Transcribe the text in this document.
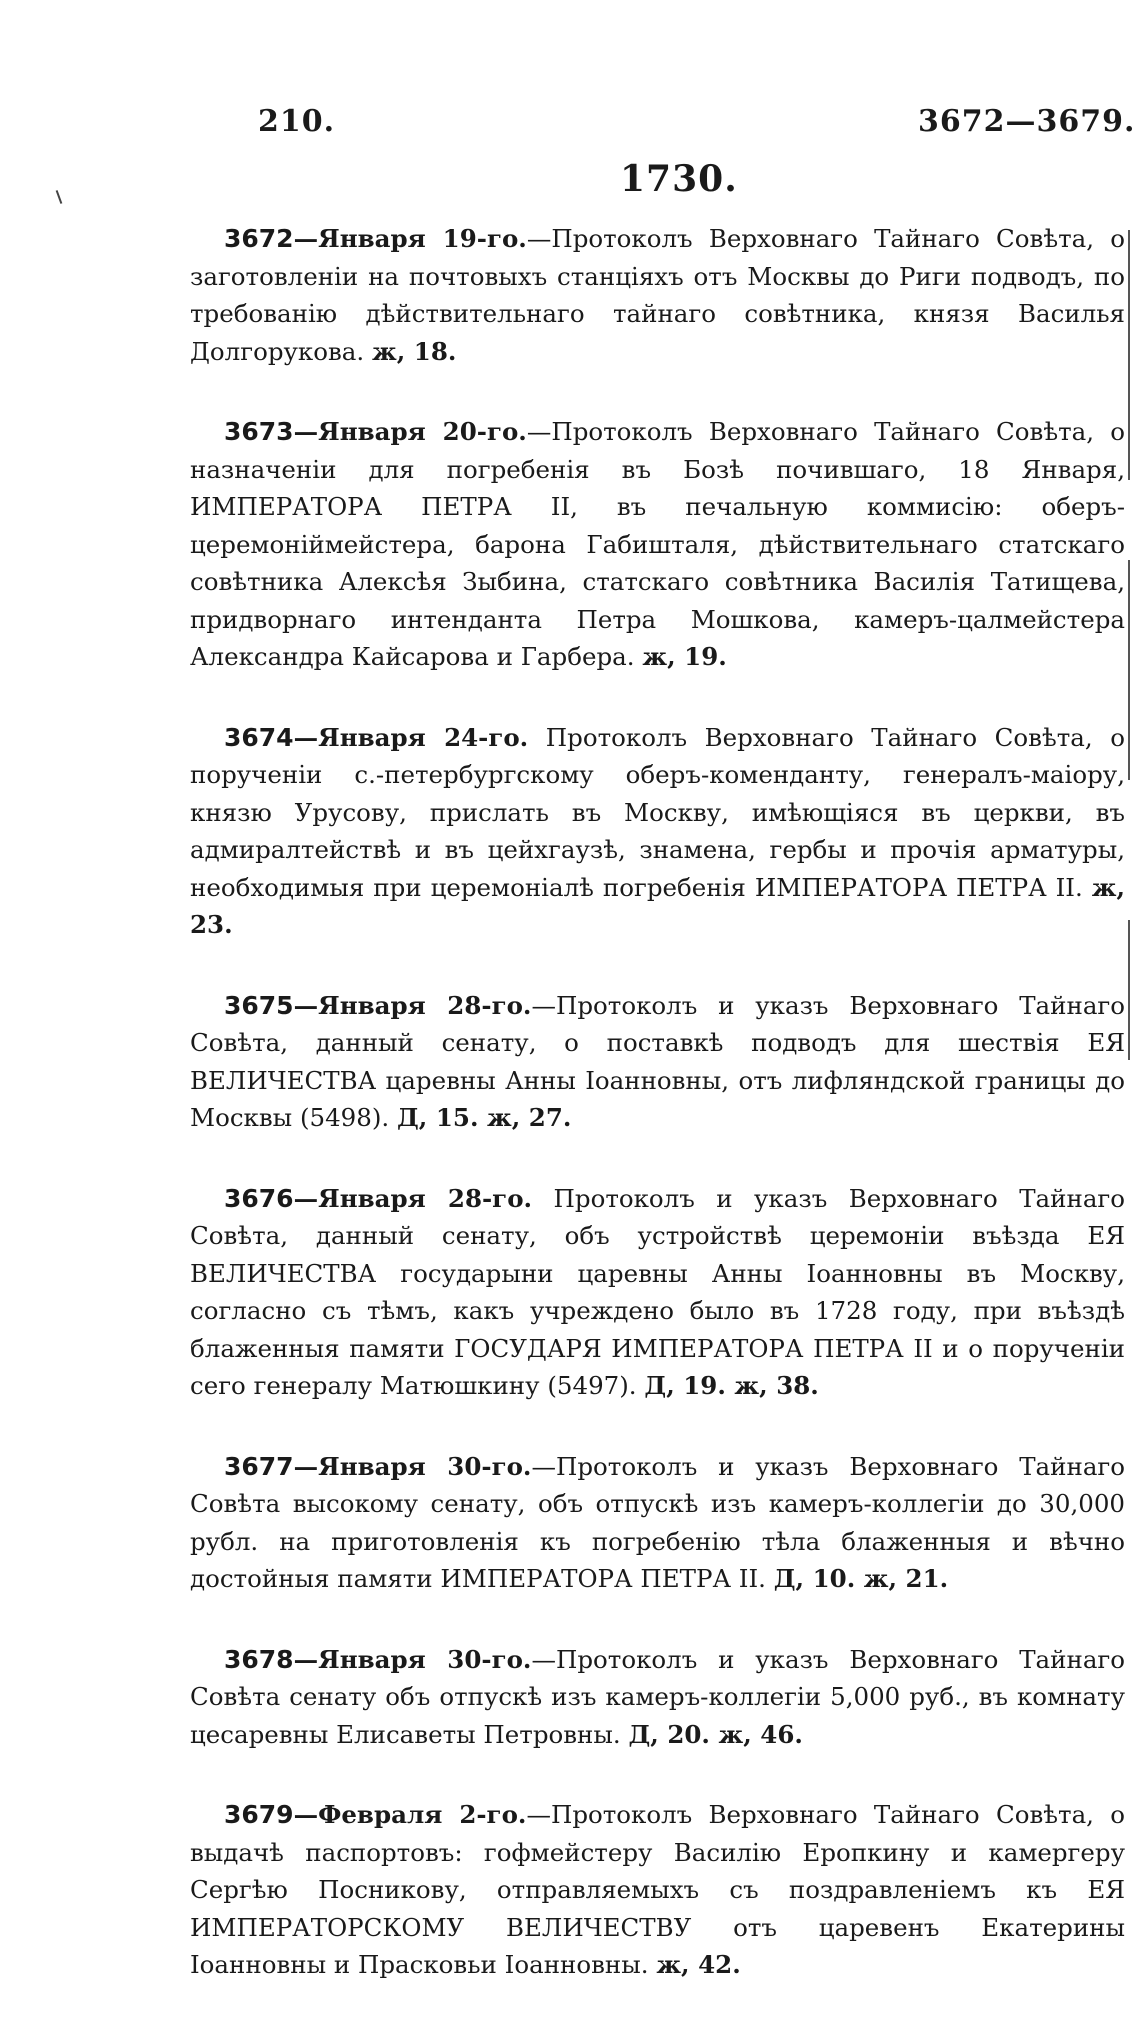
210.	3672—3679.
1730.

3672—Января 19-го.—Протоколъ Верховнаго Тайнаго Совѣта, о заготовленіи на почтовыхъ станціяхъ отъ Москвы до Риги подводъ, по требованію дѣйствительнаго тайнаго совѣтника, князя Василья Долгорукова. ж, 18.

3673—Января 20-го.—Протоколъ Верховнаго Тайнаго Совѣта, о назначеніи для погребенія въ Бозѣ почившаго, 18 Января, ИМПЕРАТОРА ПЕТРА II, въ печальную коммисію: оберъ-церемоніймейстера, барона Габишталя, дѣйствительнаго статскаго совѣтника Алексѣя Зыбина, статскаго совѣтника Василія Татищева, придворнаго интенданта Петра Мошкова, камеръ-цалмейстера Александра Кайсарова и Гарбера. ж, 19.

3674—Января 24-го. Протоколъ Верховнаго Тайнаго Совѣта, о порученіи с.-петербургскому оберъ-коменданту, генералъ-маіору, князю Урусову, прислать въ Москву, имѣющіяся въ церкви, въ адмиралтействѣ и въ цейхгаузѣ, знамена, гербы и прочія арматуры, необходимыя при церемоніалѣ погребенія ИМПЕРАТОРА ПЕТРА II. ж, 23.

3675—Января 28-го.—Протоколъ и указъ Верховнаго Тайнаго Совѣта, данный сенату, о поставкѣ подводъ для шествія ЕЯ ВЕЛИЧЕСТВА царевны Анны Іоанновны, отъ лифляндской границы до Москвы (5498). Д, 15. ж, 27.

3676—Января 28-го. Протоколъ и указъ Верховнаго Тайнаго Совѣта, данный сенату, объ устройствѣ церемоніи въѣзда ЕЯ ВЕЛИЧЕСТВА государыни царевны Анны Іоанновны въ Москву, согласно съ тѣмъ, какъ учреждено было въ 1728 году, при въѣздѣ блаженныя памяти ГОСУДАРЯ ИМПЕРАТОРА ПЕТРА II и о порученіи сего генералу Матюшкину (5497). Д, 19. ж, 38.

3677—Января 30-го.—Протоколъ и указъ Верховнаго Тайнаго Совѣта высокому сенату, объ отпускѣ изъ камеръ-коллегіи до 30,000 рубл. на приготовленія къ погребенію тѣла блаженныя и вѣчно достойныя памяти ИМПЕРАТОРА ПЕТРА II. Д, 10. ж, 21.

3678—Января 30-го.—Протоколъ и указъ Верховнаго Тайнаго Совѣта сенату объ отпускѣ изъ камеръ-коллегіи 5,000 руб., въ комнату цесаревны Елисаветы Петровны. Д, 20. ж, 46.

3679—Февраля 2-го.—Протоколъ Верховнаго Тайнаго Совѣта, о выдачѣ паспортовъ: гофмейстеру Василію Еропкину и камергеру Сергѣю Посникову, отправляемыхъ съ поздравленіемъ къ ЕЯ ИМПЕРАТОРСКОМУ ВЕЛИЧЕСТВУ отъ царевенъ Екатерины Іоанновны и Прасковьи Іоанновны. ж, 42.
